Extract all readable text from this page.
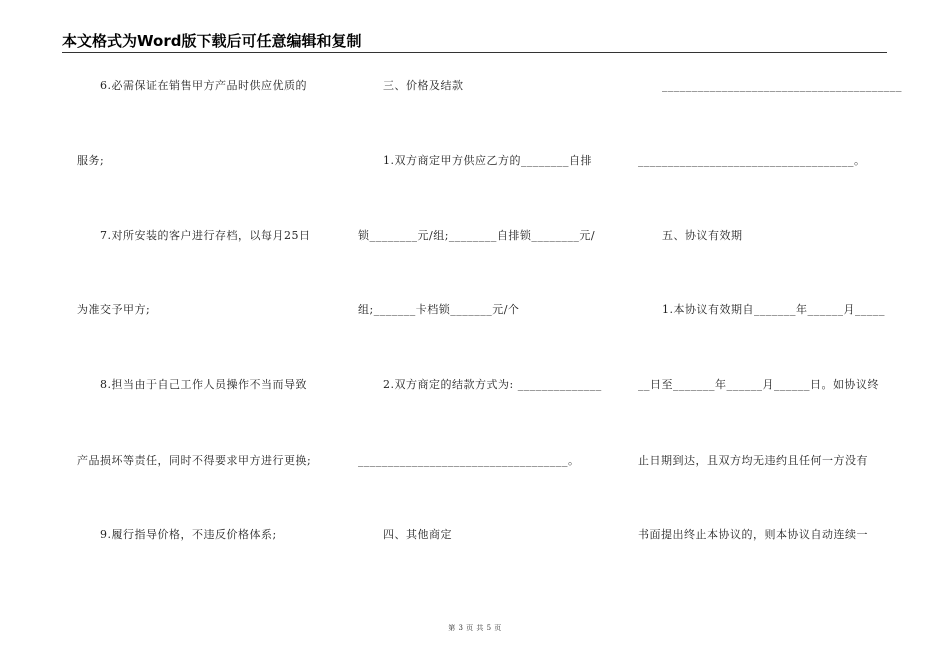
本文格式为Word版下载后可任意编辑和复制
6.必需保证在销售甲方产品时供应优质的
服务;
7.对所安装的客户进行存档，以每月25日
为准交予甲方;
8.担当由于自己工作人员操作不当而导致
产品损坏等责任，同时不得要求甲方进行更换;
9.履行指导价格，不违反价格体系;
三、价格及结款
1.双方商定甲方供应乙方的________自排
锁________元/组;________自排锁________元/
组;_______卡档锁_______元/个
2.双方商定的结款方式为: ______________
___________________________________。
四、其他商定
________________________________________
____________________________________。
五、协议有效期
1.本协议有效期自_______年______月_____
__日至_______年______月______日。如协议终
止日期到达，且双方均无违约且任何一方没有
书面提出终止本协议的，则本协议自动连续一
第 3 页 共 5 页
